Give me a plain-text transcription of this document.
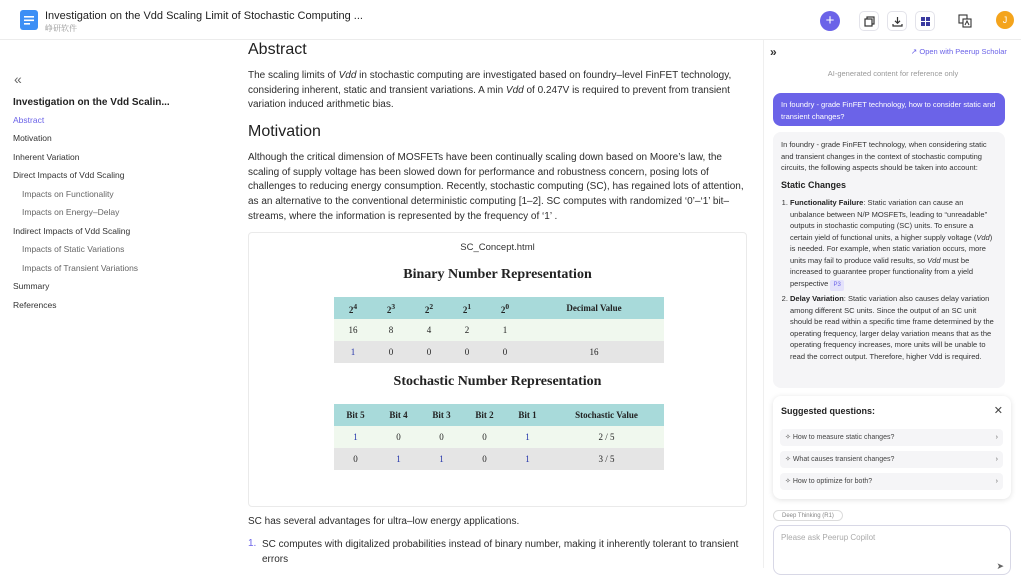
Investigation on the Vdd Scaling Limit of Stochastic Computing ...
峥研软件	+	J
«
Investigation on the Vdd Scalin...
Abstract
Motivation
Inherent Variation
Direct Impacts of Vdd Scaling
Impacts on Functionality
Impacts on Energy–Delay
Indirect Impacts of Vdd Scaling
Impacts of Static Variations
Impacts of Transient Variations
Summary
References
Abstract
The scaling limits of Vdd in stochastic computing are investigated based on foundry–level FinFET technology, considering inherent, static and transient variations. A min Vdd of 0.247V is required to prevent from transient variation induced arithmetic bias.
Motivation
Although the critical dimension of MOSFETs have been continually scaling down based on Moore’s law, the scaling of supply voltage has been slowed down for performance and robustness concern, posing lots of challenges to reducing energy consumption. Recently, stochastic computing (SC), has regained lots of attention, as an alternative to the conventional deterministic computing [1–2]. SC computes with randomized ‘0’–‘1’ bit–streams, where the information is represented by the frequency of ‘1’ .
SC_Concept.html
Binary Number Representation
$2^4$	$2^3$	$2^2$	$2^1$	$2^0$	Decimal Value
16	8	4	2	1	
1	0	0	0	0	16
Stochastic Number Representation
Bit 5	Bit 4	Bit 3	Bit 2	Bit 1	Stochastic Value
1	0	0	0	1	2 / 5
0	1	1	0	1	3 / 5
SC has several advantages for ultra–low energy applications.
1. SC computes with digitalized probabilities instead of binary number, making it inherently tolerant to transient errors
»	↗ Open with Peerup Scholar
AI-generated content for reference only
In foundry - grade FinFET technology, how to consider static and transient changes?
In foundry - grade FinFET technology, when considering static and transient changes in the context of stochastic computing circuits, the following aspects should be taken into account:
Static Changes
1. Functionality Failure: Static variation can cause an unbalance between N/P MOSFETs, leading to “unreadable” outputs in stochastic computing (SC) units. To ensure a certain yield of functional units, a higher supply voltage (Vdd) is needed. For example, when static variation occurs, more units may fail to produce valid results, so Vdd must be increased to guarantee proper functionality from a yield perspective P3
2. Delay Variation: Static variation also causes delay variation among different SC units. Since the output of an SC unit should be read within a specific time frame determined by the operating frequency, larger delay variation means that as the operating frequency increases, more units will be unable to read the correct output. Therefore, higher Vdd is required.
Suggested questions:	✕
✧ How to measure static changes?	›
✧ What causes transient changes?	›
✧ How to optimize for both?	›
Deep Thinking (R1)
Please ask Peerup Copilot
➤
